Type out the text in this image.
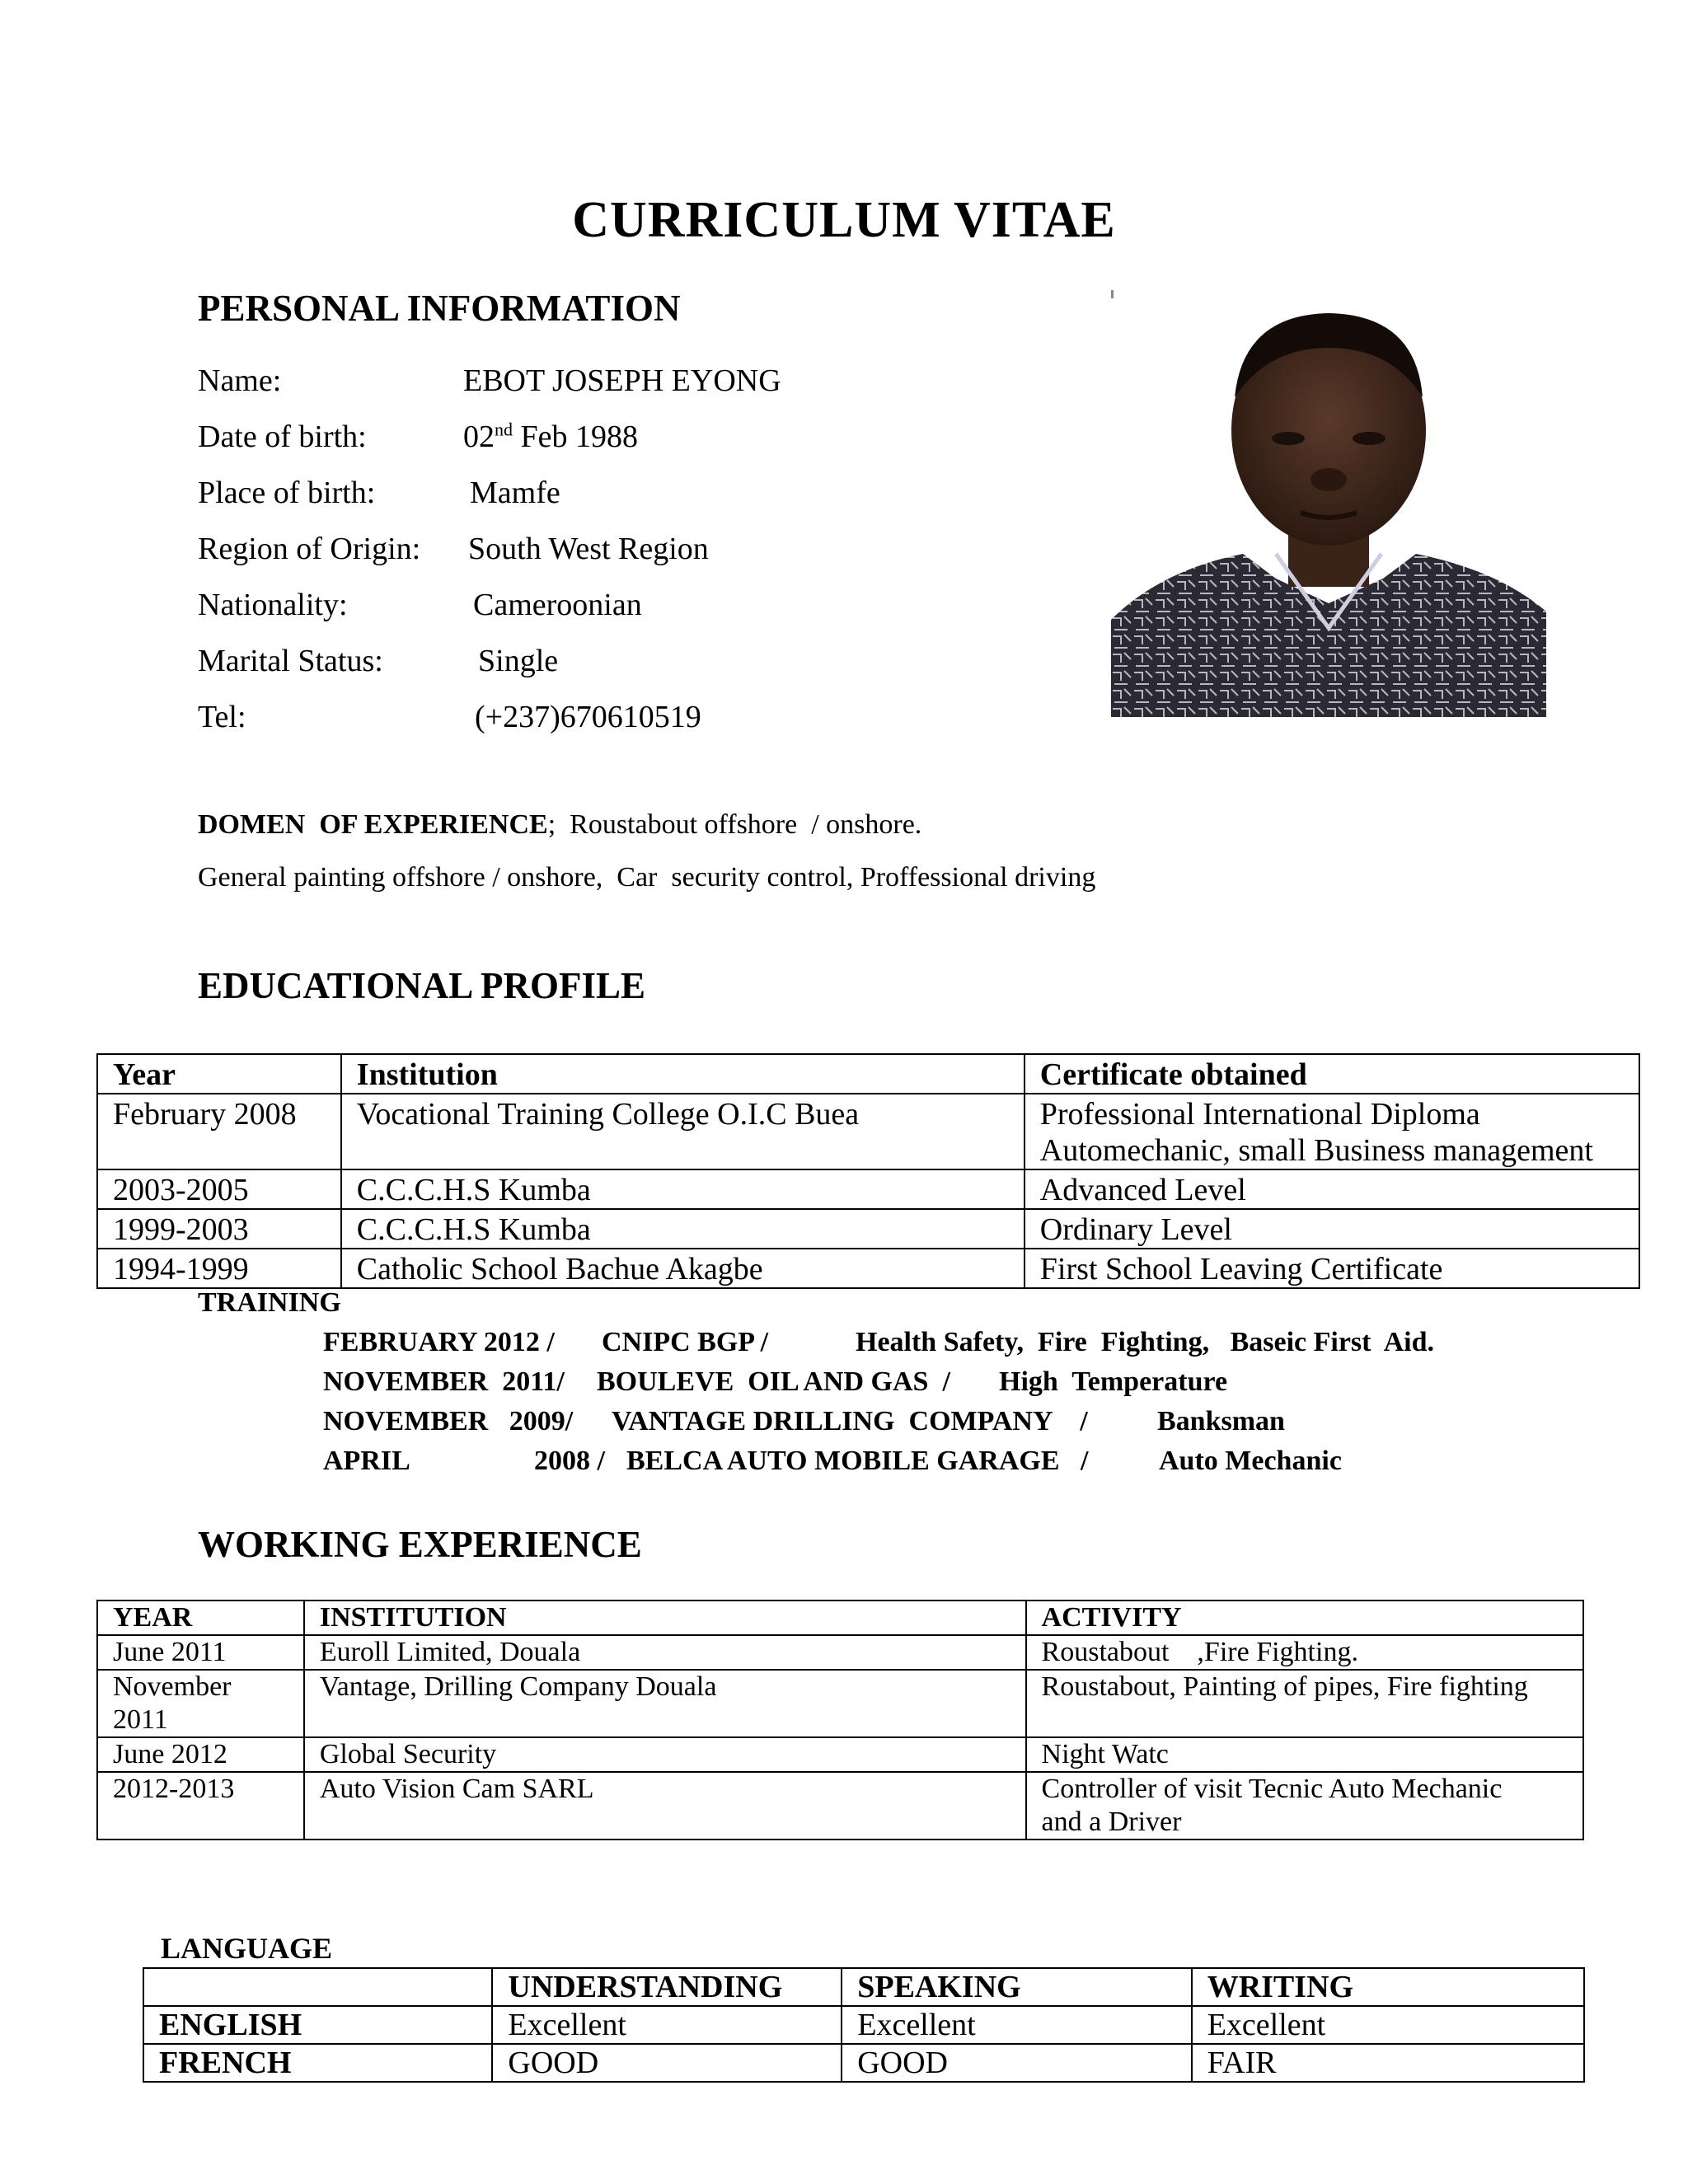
CURRICULUM VITAE
PERSONAL INFORMATION
Name:	EBOT JOSEPH EYONG
Date of birth:	02nd Feb 1988
Place of birth:	Mamfe
Region of Origin: South West Region
Nationality:	Cameroonian
Marital Status:	Single
Tel:	(+237)670610519
DOMEN  OF EXPERIENCE;  Roustabout offshore  / onshore.
General painting offshore / onshore,  Car  security control, Proffessional driving
EDUCATIONAL PROFILE
Year	Institution	Certificate obtained
February 2008	Vocational Training College O.I.C Buea	Professional International Diploma
Automechanic, small Business management

2003-2005	C.C.C.H.S Kumba	Advanced Level
1999-2003	C.C.C.H.S Kumba	Ordinary Level
1994-1999	Catholic School Bachue Akagbe	First School Leaving Certificate
TRAINING
FEBRUARY 2012 / CNIPC BGP /	Health Safety,  Fire  Fighting,   Baseic First  Aid.
NOVEMBER  2011/ BOULEVE  OIL AND GAS  / High  Temperature
NOVEMBER   2009/ VANTAGE DRILLING  COMPANY    / Banksman
APRIL	2008 / BELCA AUTO MOBILE GARAGE   /	Auto Mechanic
WORKING EXPERIENCE
YEAR	INSTITUTION	ACTIVITY
June 2011	Euroll Limited, Douala	Roustabout    ,Fire Fighting.

November
2011	Vantage, Drilling Company Douala	Roustabout, Painting of pipes, Fire fighting
June 2012	Global Security	Night Watc
2012-2013	Auto Vision Cam SARL	Controller of visit Tecnic Auto Mechanic
and a Driver
LANGUAGE
	UNDERSTANDING	SPEAKING	WRITING
ENGLISH	Excellent	Excellent	Excellent
FRENCH	GOOD	GOOD	FAIR
